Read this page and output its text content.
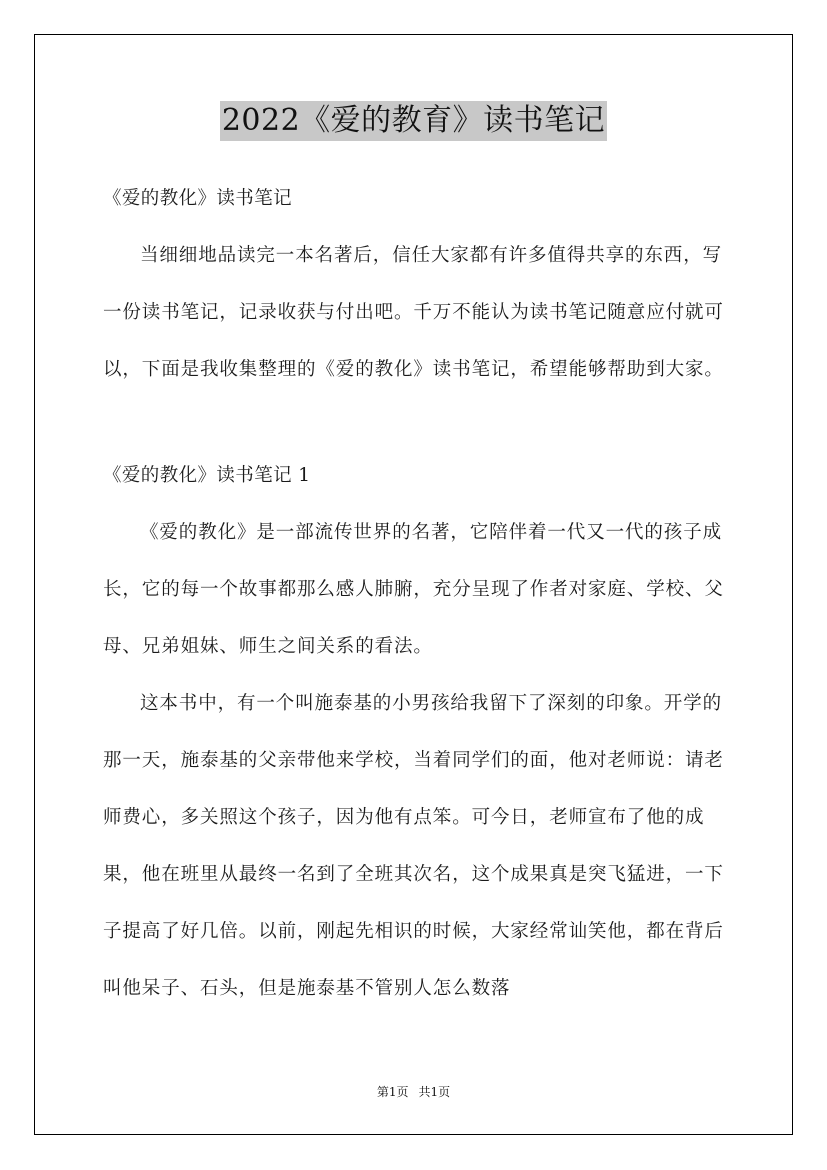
2022《爱的教育》读书笔记

《爱的教化》读书笔记

当细细地品读完一本名著后，信任大家都有许多值得共享的东西，写一份读书笔记，记录收获与付出吧。千万不能认为读书笔记随意应付就可以，下面是我收集整理的《爱的教化》读书笔记，希望能够帮助到大家。

《爱的教化》读书笔记 1

《爱的教化》是一部流传世界的名著，它陪伴着一代又一代的孩子成长，它的每一个故事都那么感人肺腑，充分呈现了作者对家庭、学校、父母、兄弟姐妹、师生之间关系的看法。

这本书中，有一个叫施泰基的小男孩给我留下了深刻的印象。开学的那一天，施泰基的父亲带他来学校，当着同学们的面，他对老师说：请老师费心，多关照这个孩子，因为他有点笨。可今日，老师宣布了他的成果，他在班里从最终一名到了全班其次名，这个成果真是突飞猛进，一下子提高了好几倍。以前，刚起先相识的时候，大家经常讪笑他，都在背后叫他呆子、石头，但是施泰基不管别人怎么数落

第1页 共1页
